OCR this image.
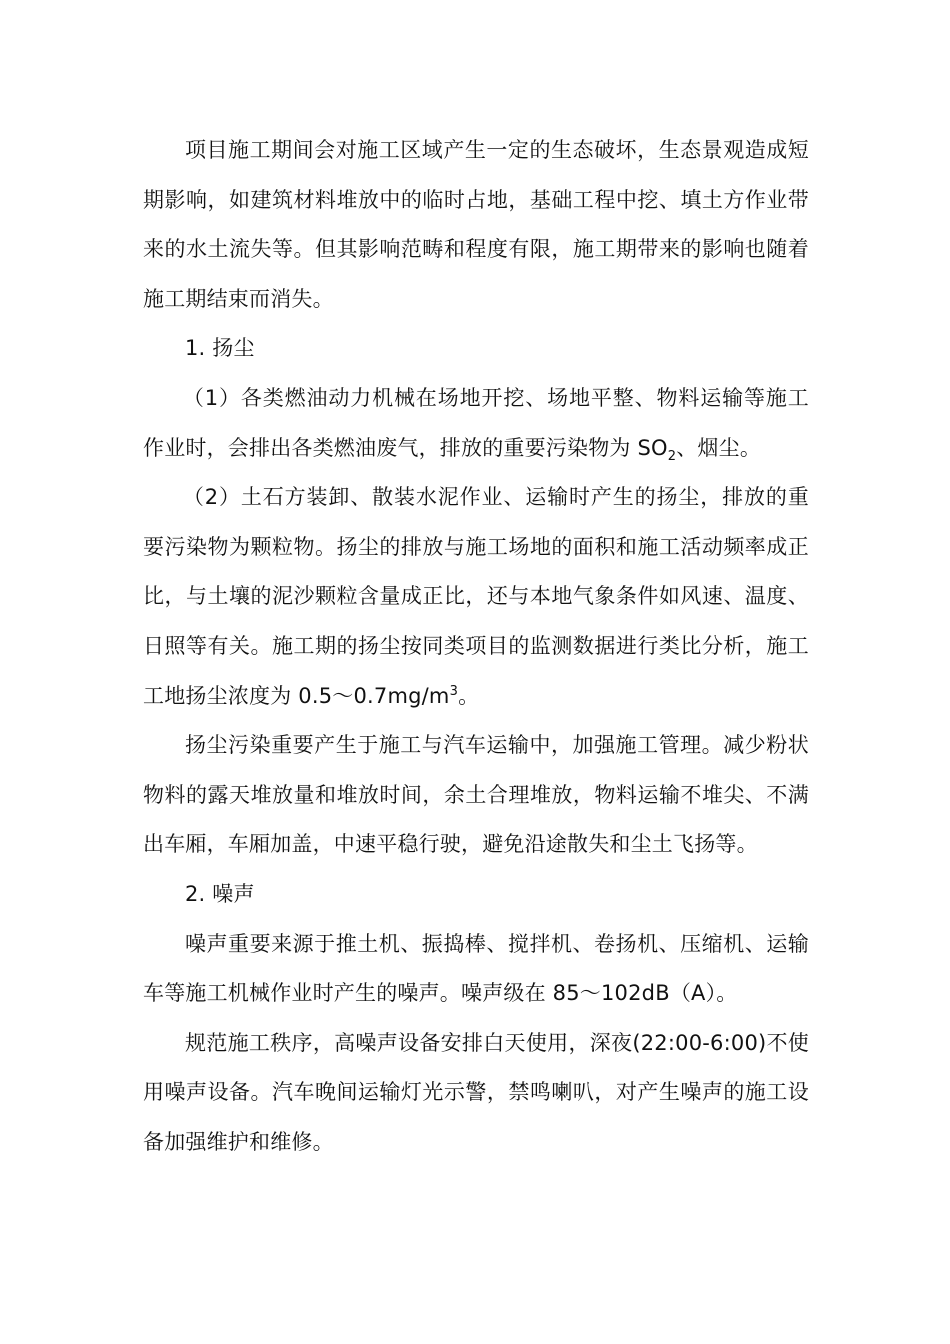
项目施工期间会对施工区域产生一定的生态破坏，生态景观造成短期影响，如建筑材料堆放中的临时占地，基础工程中挖、填土方作业带来的水土流失等。但其影响范畴和程度有限，施工期带来的影响也随着施工期结束而消失。

1. 扬尘

（1）各类燃油动力机械在场地开挖、场地平整、物料运输等施工作业时，会排出各类燃油废气，排放的重要污染物为 $SO_2$、烟尘。

（2）土石方装卸、散装水泥作业、运输时产生的扬尘，排放的重要污染物为颗粒物。扬尘的排放与施工场地的面积和施工活动频率成正比，与土壤的泥沙颗粒含量成正比，还与本地气象条件如风速、温度、日照等有关。施工期的扬尘按同类项目的监测数据进行类比分析，施工工地扬尘浓度为 $0.5\sim 0.7mg/m^3$。

扬尘污染重要产生于施工与汽车运输中，加强施工管理。减少粉状物料的露天堆放量和堆放时间，余土合理堆放，物料运输不堆尖、不满出车厢，车厢加盖，中速平稳行驶，避免沿途散失和尘土飞扬等。

2. 噪声

噪声重要来源于推土机、振捣棒、搅拌机、卷扬机、压缩机、运输车等施工机械作业时产生的噪声。噪声级在 85～102dB（A）。

规范施工秩序，高噪声设备安排白天使用，深夜(22:00-6:00)不使用噪声设备。汽车晚间运输灯光示警，禁鸣喇叭，对产生噪声的施工设备加强维护和维修。
